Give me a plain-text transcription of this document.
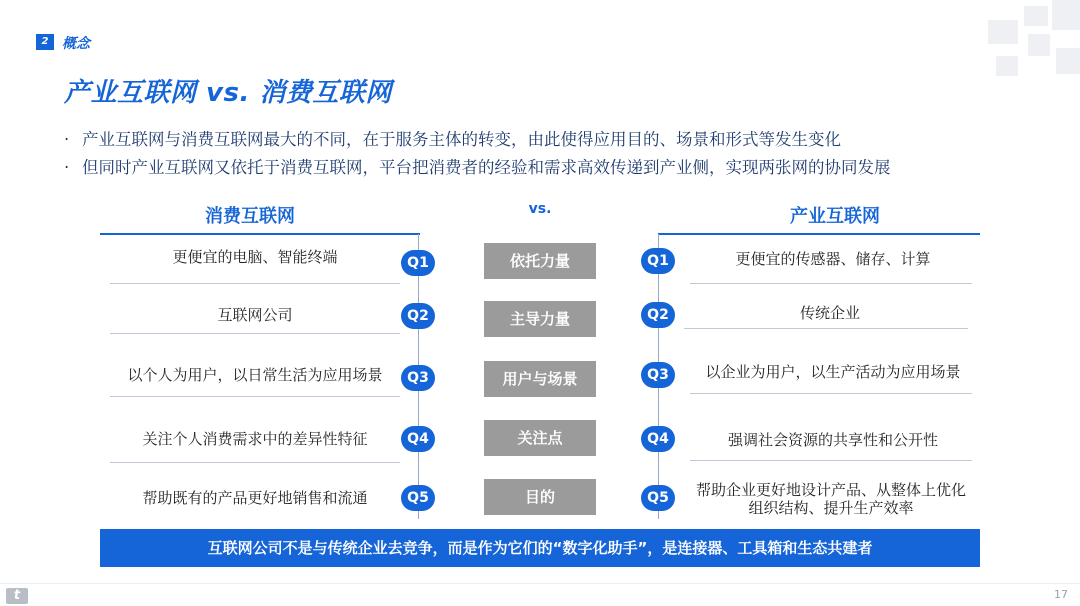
2 概念
产业互联网 vs. 消费互联网
· 产业互联网与消费互联网最大的不同，在于服务主体的转变，由此使得应用目的、场景和形式等发生变化
· 但同时产业互联网又依托于消费互联网，平台把消费者的经验和需求高效传递到产业侧，实现两张网的协同发展
消费互联网	vs.	产业互联网
更便宜的电脑、智能终端	Q1	依托力量	Q1	更便宜的传感器、储存、计算
互联网公司	Q2	主导力量	Q2	传统企业
以个人为用户，以日常生活为应用场景	Q3	用户与场景	Q3	以企业为用户，以生产活动为应用场景
关注个人消费需求中的差异性特征	Q4	关注点	Q4	强调社会资源的共享性和公开性
帮助既有的产品更好地销售和流通	Q5	目的	Q5	帮助企业更好地设计产品、从整体上优化
组织结构、提升生产效率
互联网公司不是与传统企业去竞争，而是作为它们的“数字化助手”，是连接器、工具箱和生态共建者
t	17
